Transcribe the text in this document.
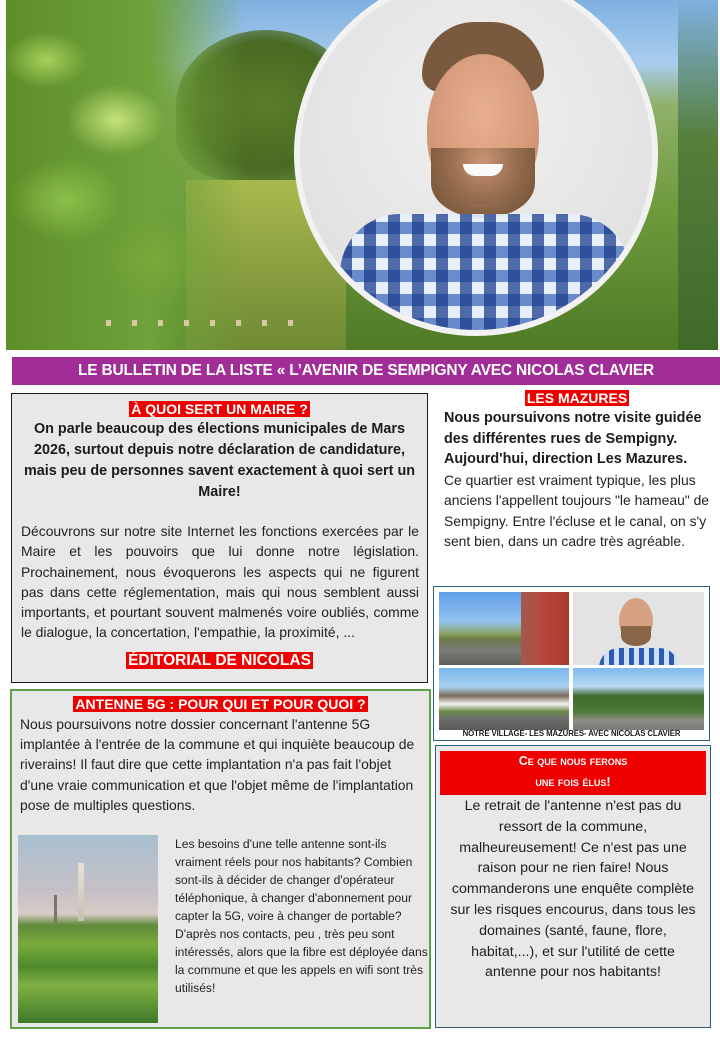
LE BULLETIN DE LA LISTE « L’AVENIR DE SEMPIGNY AVEC NICOLAS CLAVIER
À QUOI SERT UN MAIRE ?
On parle beaucoup des élections municipales de Mars 2026, surtout depuis notre déclaration de candidature, mais peu de personnes savent exactement à quoi sert un Maire!
Découvrons sur notre site Internet les fonctions exercées par le Maire et les pouvoirs que lui donne notre législation. Prochainement, nous évoquerons les aspects qui ne figurent pas dans cette réglementation, mais qui nous semblent aussi importants, et pourtant souvent malmenés voire oubliés, comme le dialogue, la concertation, l'empathie, la proximité, ...
ÉDITORIAL DE NICOLAS
LES MAZURES
Nous poursuivons notre visite guidée des différentes rues de Sempigny. Aujourd'hui, direction Les Mazures.
Ce quartier est vraiment typique, les plus anciens l'appellent toujours "le hameau" de Sempigny. Entre l'écluse et le canal, on s'y sent bien, dans un cadre très agréable.
NOTRE VILLAGE- LES MAZURES- AVEC NICOLAS CLAVIER
ANTENNE 5G : POUR QUI ET POUR QUOI ?
Nous poursuivons notre dossier concernant l'antenne 5G implantée à l'entrée de la commune et qui inquiète beaucoup de riverains! Il faut dire que cette implantation n'a pas fait l'objet d'une vraie communication et que l'objet même de l'implantation pose de multiples questions.
Les besoins d'une telle antenne sont-ils vraiment réels pour nos habitants? Combien sont-ils à décider de changer d'opérateur téléphonique, à changer d'abonnement pour capter la 5G, voire à changer de portable? D'après nos contacts, peu , très peu sont intéressés, alors que la fibre est déployée dans la commune et que les appels en wifi sont très utilisés!
Ce que nous ferons
une fois élus!
Le retrait de l'antenne n'est pas du ressort de la commune, malheureusement! Ce n'est pas une raison pour ne rien faire! Nous commanderons une enquête complète sur les risques encourus, dans tous les domaines (santé, faune, flore, habitat,...), et sur l'utilité de cette antenne pour nos habitants!
